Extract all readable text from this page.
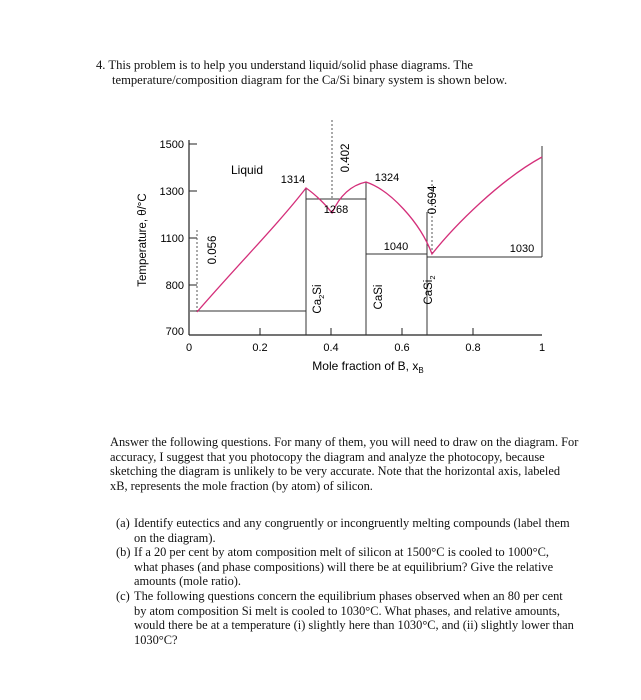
4. This problem is to help you understand liquid/solid phase diagrams. The

temperature/composition diagram for the Ca/Si binary system is shown below.

1500
1300
1100
800
700
Temperature, θ/°C
0	0.2	0.4	0.6	0.8	1
Mole fraction of B, $x_B$
Liquid
1314	1324
1268
1040	1030
0.402
0.694
0.056
$Ca_2Si$	CaSi	CaSi$_2$

Answer the following questions. For many of them, you will need to draw on the diagram. For accuracy, I suggest that you photocopy the diagram and analyze the photocopy, because sketching the diagram is unlikely to be very accurate. Note that the horizontal axis, labeled xB, represents the mole fraction (by atom) of silicon.

(a) Identify eutectics and any congruently or incongruently melting compounds (label them on the diagram).
(b) If a 20 per cent by atom composition melt of silicon at 1500°C is cooled to 1000°C, what phases (and phase compositions) will there be at equilibrium? Give the relative amounts (mole ratio).
(c) The following questions concern the equilibrium phases observed when an 80 per cent by atom composition Si melt is cooled to 1030°C. What phases, and relative amounts, would there be at a temperature (i) slightly here than 1030°C, and (ii) slightly lower than 1030°C?
